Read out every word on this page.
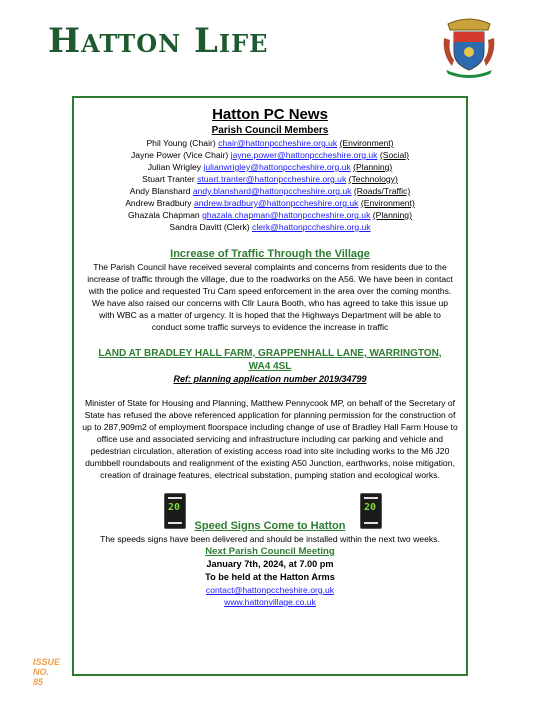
Hatton Life
Hatton PC News
Parish Council Members
Phil Young (Chair) chair@hattonpccheshire.org.uk (Environment)
Jayne Power (Vice Chair) jayne.power@hattonpccheshire.org.uk (Social)
Julian Wrigley julianwrigley@hattonpccheshire.org.uk (Planning)
Stuart Tranter stuart.tranter@hattonpccheshire.org.uk (Technology)
Andy Blanshard andy.blanshard@hattonpccheshire.org.uk (Roads/Traffic)
Andrew Bradbury andrew.bradbury@hattonpccheshire.org.uk (Environment)
Ghazala Chapman ghazala.chapman@hattonpccheshire.org.uk (Planning)
Sandra Davitt (Clerk) clerk@hattonpccheshire.org.uk
Increase of Traffic Through the Village
The Parish Council have received several complaints and concerns from residents due to the increase of traffic through the village, due to the roadworks on the A56. We have been in contact with the police and requested Tru Cam speed enforcement in the area over the coming months. We have also raised our concerns with Cllr Laura Booth, who has agreed to take this issue up with WBC as a matter of urgency. It is hoped that the Highways Department will be able to conduct some traffic surveys to evidence the increase in traffic
LAND AT BRADLEY HALL FARM, GRAPPENHALL LANE, WARRINGTON, WA4 4SL
Ref: planning application number 2019/34799
Minister of State for Housing and Planning, Matthew Pennycook MP, on behalf of the Secretary of State has refused the above referenced application for planning permission for the construction of up to 287,909m2 of employment floorspace including change of use of Bradley Hall Farm House to office use and associated servicing and infrastructure including car parking and vehicle and pedestrian circulation, alteration of existing access road into site including works to the M6 J20 dumbbell roundabouts and realignment of the existing A50 Junction, earthworks, noise mitigation, creation of drainage features, electrical substation, pumping station and ecological works.
20
Speed Signs Come to Hatton
20
The speeds signs have been delivered and should be installed within the next two weeks.
Next Parish Council Meeting
January 7th, 2024, at 7.00 pm
To be held at the Hatton Arms
contact@hattonpccheshire.org.uk
www.hattonvillage.co.uk
ISSUE
NO.
85
